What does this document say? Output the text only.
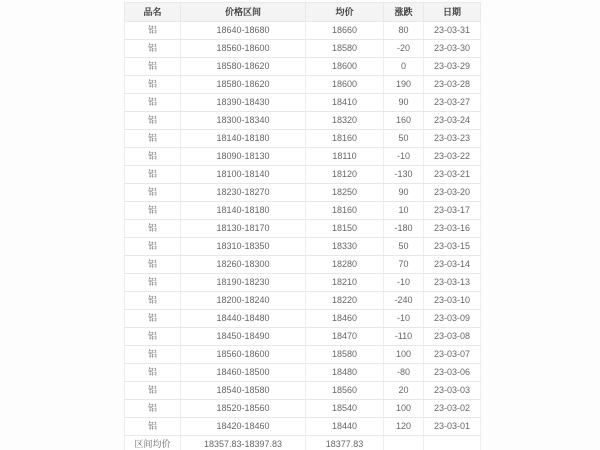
品名	价格区间	均价	涨跌	日期
铝	18640-18680	18660	80	23-03-31
铝	18560-18600	18580	-20	23-03-30
铝	18580-18620	18600	0	23-03-29
铝	18580-18620	18600	190	23-03-28
铝	18390-18430	18410	90	23-03-27
铝	18300-18340	18320	160	23-03-24
铝	18140-18180	18160	50	23-03-23
铝	18090-18130	18110	-10	23-03-22
铝	18100-18140	18120	-130	23-03-21
铝	18230-18270	18250	90	23-03-20
铝	18140-18180	18160	10	23-03-17
铝	18130-18170	18150	-180	23-03-16
铝	18310-18350	18330	50	23-03-15
铝	18260-18300	18280	70	23-03-14
铝	18190-18230	18210	-10	23-03-13
铝	18200-18240	18220	-240	23-03-10
铝	18440-18480	18460	-10	23-03-09
铝	18450-18490	18470	-110	23-03-08
铝	18560-18600	18580	100	23-03-07
铝	18460-18500	18480	-80	23-03-06
铝	18540-18580	18560	20	23-03-03
铝	18520-18560	18540	100	23-03-02
铝	18420-18460	18440	120	23-03-01
区间均价	18357.83-18397.83	18377.83		
